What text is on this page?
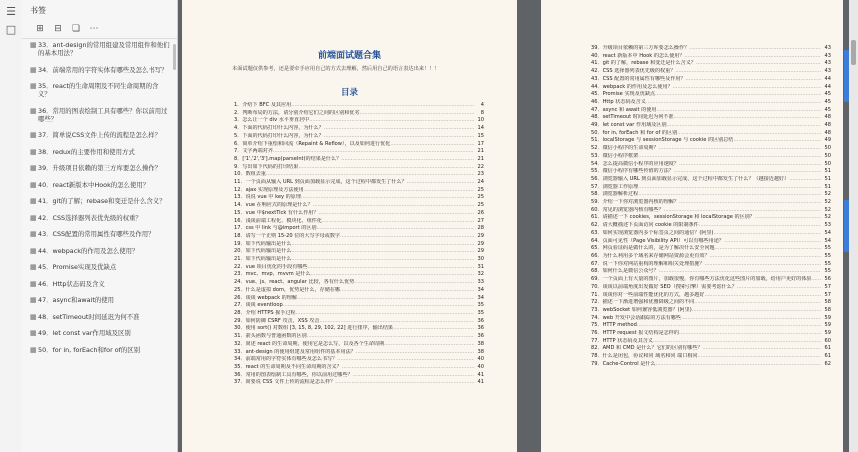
☰
□
书签
⊞ ⊟ ❏ ⋯
▦ 33．ant-design的常用组建及常用组件和他们的基本用法？
▦ 34．前端常用的字符实体有哪些及怎么书写？
▦ 35．react的生命周期及不同生命周期的含义？
▦ 36．常用的图表绘制工具有哪些？你以前用过哪些？
▦ 37．简单说CSS文件上传的流程是怎么样？
▦ 38．redux的主要作用和使用方式
▦ 39．升级项目依赖的第三方库要怎么操作？
▦ 40．react新版本中Hook的怎么使用？
▦ 41．git的了解；rebase和变迁是什么含义？
▦ 42．CSS选择器列表优先级的权重？
▦ 43．CSS配置的常用属性有哪些及作用？
▦ 44．webpack的作用及怎么使用？
▦ 45．Promise实现及优缺点
▦ 46．Http状态码及含义
▦ 47．async和await的使用
▦ 48．setTimeout时间延迟为何不准
▦ 49．let const var作用域及区别
▦ 50．for in, forEach和for of的区别
前端面试题合集
本面试题仅供参考，还是要牵手应用自己的方式去理解，然后用自己的语言表达出来！！！
目录
1．介绍下 BFC 及其应用 .....	4
2．判断布局的方法，请分别介绍它们之间的区别和优劣 .....	8
3．怎么让一个 div 水平垂直居中 .....	10
4．下面的代码打印什么内容，为什么？ .....	14
5．下面的代码打印什么内容，为什么？ .....	15
6．简单介绍下重绘和回流（Repaint & Reflow），以及如何进行优化 .....	17
7．文字两端对齐 .....	21
8．['1','2','3'].map(parseInt)的结果是什么？ .....	21
9．写出如下代码的打印结果 .....	22
10．数组去重 .....	23
11．一个页面从输入 URL 到页面加载显示完成，这个过程中都发生了什么？ .....	24
12．ajax 实现原理及方法使用 .....	25
13．说说 vue 中 key 的原理 .....	25
14．vue 在响应式的原理是什么？ .....	25
15．vue 中$nextTick 有什么作用？ .....	26
16．浅谈前端工程化、模块化、组件化 .....	27
17．css 中 link 与@import 的区别 .....	28
18．请写一个正则 15-20 位的大写字母或数字 .....	29
19．如下代码输出是什么 .....	29
20．如下代码输出是什么 .....	29
21．如下代码输出是什么 .....	30
22．vue 项目优化的手段有哪些 .....	31
23．mvc、mvp、mvvm 是什么 .....	32
24．vue、js、react、angular 比较，各有什么优势 .....	33
25．什么是虚拟 dom，优势是什么，存储在哪 .....	34
26．谈谈 webpack 的理解 .....	34
27．谈谈 eventloop .....	35
28．介绍 HTTPS 握手过程 .....	35
29．如何防御 CSRF 攻击，XSS 攻击 .....	36
30．使用 sort() 对数组 [3, 15, 8, 29, 102, 22] 进行排序，输出结果 .....	36
31．箭头函数与普通函数的区别 .....	36
32．简述 react 的生命周期，使用它是怎么写，以及各个生命周期 .....	38
33．ant-design 的使用组建及常用组件的基本用法？ .....	38
34．前端常用的字符实体有哪些及怎么书写？ .....	40
35．react 的生命周期及不同生命周期的含义？ .....	40
36．常用的图表绘制工具有哪些，你以前用过哪些？ .....	41
37．简要说 CSS 文件上传的流程是怎么样？ .....	41
39．升级项目依赖的第三方库要怎么操作？ .....	43
40．react 新版本中 Hook 的怎么使用？ .....	43
41．git 的了解，rebase 和变迁是什么含义？ .....	43
42．CSS 选择器列表优先级的权重？ .....	43
43．CSS 配置的常用属性有哪些及作用？ .....	44
44．webpack 的作用及怎么使用？ .....	44
45．Promise 实现及优缺点 .....	45
46．Http 状态码及含义 .....	45
47．async 和 await 的使用 .....	45
48．setTimeout 时间延迟为何不准 .....	48
49．let const var 作用域及区别 .....	48
50．for in, forEach 和 for of 的区别 .....	48
51．localStorage 与 sessionStorage 与 cookie 的区别总结 .....	49
52．微信小程序的生命周期？ .....	50
53．微信小程序框架 .....	50
54．怎么提高微信小程序的应用速度？ .....	50
55．微信小程序有哪些传值的方法？ .....	51
56．浏览器输入 URL 到页面加载显示完成，这个过程中都发生了什么？（越接近越好） .....	51
57．浏览器工作原理 .....	51
58．浏览器解析过程 .....	52
59．介绍一下你对浏览器内核的理解？ .....	52
60．常见的浏览器内核有哪些？ .....	52
61．请描述一下 cookies，sessionStorage 和 localStorage 的区别？ .....	52
62．请大概描述下页面访问 cookie 的限制条件 .....	53
63．如何实现浏览器内多个标签页之间的通信？(阿里) .....	54
64．页面可见性（Page Visibility API）可以有哪些用途？ .....	54
65．网页验证码是做什么的，是为了解决什么安全问题 .....	55
66．为什么利用多个域名来存储网站资源会更有效？ .....	55
67．说一下你对网站重构的理解和相关处理措施？ .....	55
68．如何什么是微信公众号？ .....	55
69．一个页面上有大量的图片，加载很慢，你有哪些方法优化这些图片的加载，给用户更好的体验 .....	56
70．谈谈以前端角度出发做好 SEO（搜索引擎）需要考虑什么？ .....	57
71．谈谈你对一些前端性能优化的方式，越多越好 .....	57
72．描述一下渐进增强和优雅降级之间的不同 .....	58
73．webSocket 如何兼容低浏览器？(阿里) .....	58
74．web 开发中会话跟踪的方法有哪些 .....	59
75．HTTP method .....	59
76．HTTP request 报文结构是怎样的 .....	59
77．HTTP 状态码及其含义 .....	60
82．AMD 和 CMD 是什么？它们的区别有哪些？ .....	61
78．什么是闭包，协议和同 域名和同 端口相同 .....	61
79．Cache-Control 是什么 .....	62
